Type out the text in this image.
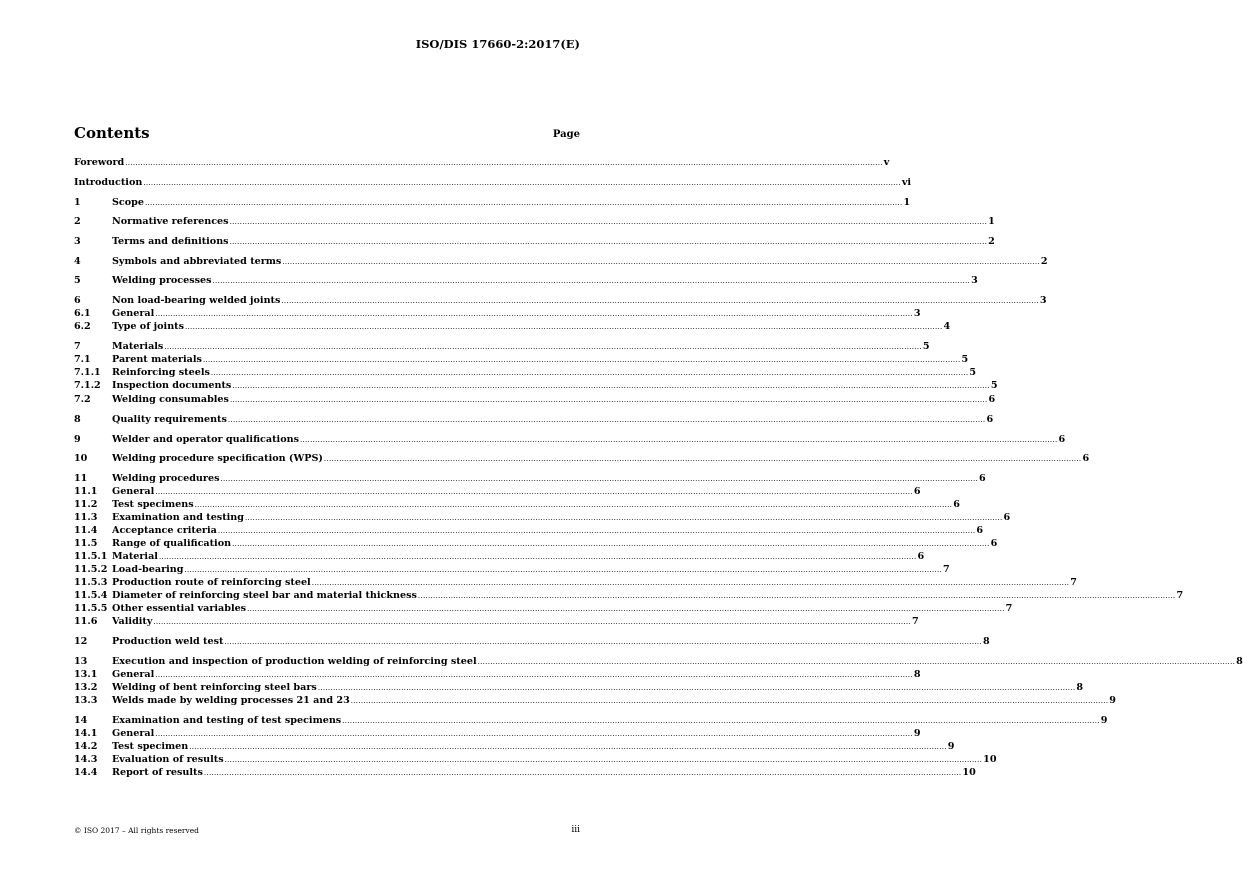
ISO/DIS 17660-2:2017(E)
Contents	Page
Foreword ............................................................................................................................................................................................................................................................................................................ v
Introduction ............................................................................................................................................................................................................................................................................................................ vi
1	Scope ............................................................................................................................................................................................................................................................................................................ 1
2	Normative references ............................................................................................................................................................................................................................................................................................................ 1
3	Terms and definitions ............................................................................................................................................................................................................................................................................................................ 2
4	Symbols and abbreviated terms ............................................................................................................................................................................................................................................................................................................ 2
5	Welding processes ............................................................................................................................................................................................................................................................................................................ 3
6	Non load-bearing welded joints ............................................................................................................................................................................................................................................................................................................ 3
6.1	General ............................................................................................................................................................................................................................................................................................................ 3
6.2	Type of joints ............................................................................................................................................................................................................................................................................................................ 4
7	Materials ............................................................................................................................................................................................................................................................................................................ 5
7.1	Parent materials ............................................................................................................................................................................................................................................................................................................ 5
7.1.1	Reinforcing steels ............................................................................................................................................................................................................................................................................................................ 5
7.1.2	Inspection documents ............................................................................................................................................................................................................................................................................................................ 5
7.2	Welding consumables ............................................................................................................................................................................................................................................................................................................ 6
8	Quality requirements ............................................................................................................................................................................................................................................................................................................ 6
9	Welder and operator qualifications ............................................................................................................................................................................................................................................................................................................ 6
10	Welding procedure specification (WPS) ............................................................................................................................................................................................................................................................................................................ 6
11	Welding procedures ............................................................................................................................................................................................................................................................................................................ 6
11.1	General ............................................................................................................................................................................................................................................................................................................ 6
11.2	Test specimens ............................................................................................................................................................................................................................................................................................................ 6
11.3	Examination and testing ............................................................................................................................................................................................................................................................................................................ 6
11.4	Acceptance criteria ............................................................................................................................................................................................................................................................................................................ 6
11.5	Range of qualification ............................................................................................................................................................................................................................................................................................................ 6
11.5.1 Material ............................................................................................................................................................................................................................................................................................................ 6
11.5.2 Load-bearing ............................................................................................................................................................................................................................................................................................................ 7
11.5.3 Production route of reinforcing steel ............................................................................................................................................................................................................................................................................................................ 7
11.5.4 Diameter of reinforcing steel bar and material thickness ............................................................................................................................................................................................................................................................................................................ 7
11.5.5 Other essential variables ............................................................................................................................................................................................................................................................................................................ 7
11.6	Validity ............................................................................................................................................................................................................................................................................................................ 7
12	Production weld test ............................................................................................................................................................................................................................................................................................................ 8
13	Execution and inspection of production welding of reinforcing steel ............................................................................................................................................................................................................................................................................................................ 8
13.1	General ............................................................................................................................................................................................................................................................................................................ 8
13.2	Welding of bent reinforcing steel bars ............................................................................................................................................................................................................................................................................................................ 8
13.3	Welds made by welding processes 21 and 23 ............................................................................................................................................................................................................................................................................................................ 9
14	Examination and testing of test specimens ............................................................................................................................................................................................................................................................................................................ 9
14.1	General ............................................................................................................................................................................................................................................................................................................ 9
14.2	Test specimen ............................................................................................................................................................................................................................................................................................................ 9
14.3	Evaluation of results ............................................................................................................................................................................................................................................................................................................ 10
14.4	Report of results ............................................................................................................................................................................................................................................................................................................ 10
© ISO 2017 – All rights reserved	iii
